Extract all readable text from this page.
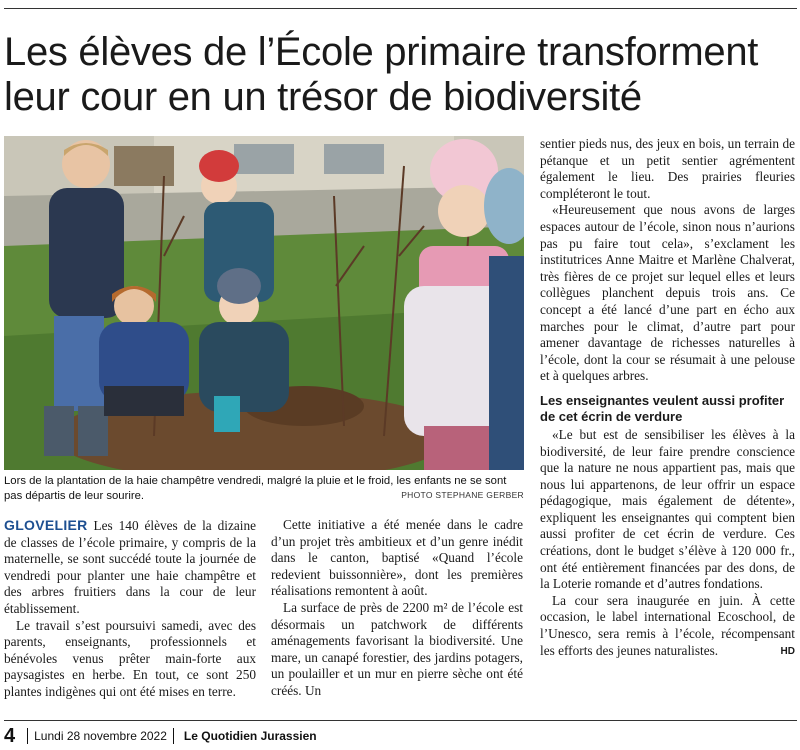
Les élèves de l’École primaire transforment leur cour en un trésor de biodiversité
Lors de la plantation de la haie champêtre vendredi, malgré la pluie et le froid, les enfants ne se sont pas départis de leur sourire.	PHOTO STEPHANE GERBER

GLOVELIER Les 140 élèves de la dizaine de classes de l’école primaire, y compris de la maternelle, se sont succédé toute la journée de vendredi pour planter une haie champêtre et des arbres fruitiers dans la cour de leur établissement.

Le travail s’est poursuivi samedi, avec des parents, enseignants, professionnels et bénévoles venus prêter main-forte aux paysagistes en herbe. En tout, ce sont 250 plantes indigènes qui ont été mises en terre.

Cette initiative a été menée dans le cadre d’un projet très ambitieux et d’un genre inédit dans le canton, baptisé «Quand l’école redevient buissonnière», dont les premières réalisations remontent à août.

La surface de près de 2200 m² de l’école est désormais un patchwork de différents aménagements favorisant la biodiversité. Une mare, un canapé forestier, des jardins potagers, un poulailler et un mur en pierre sèche ont été créés. Un

sentier pieds nus, des jeux en bois, un terrain de pétanque et un petit sentier agrémentent également le lieu. Des prairies fleuries compléteront le tout.

«Heureusement que nous avons de larges espaces autour de l’école, sinon nous n’aurions pas pu faire tout cela», s’exclament les institutrices Anne Maitre et Marlène Chalverat, très fières de ce projet sur lequel elles et leurs collègues planchent depuis trois ans. Ce concept a été lancé d’une part en écho aux marches pour le climat, d’autre part pour amener davantage de richesses naturelles à l’école, dont la cour se résumait à une pelouse et à quelques arbres.

Les enseignantes veulent aussi profiter de cet écrin de verdure

«Le but est de sensibiliser les élèves à la biodiversité, de leur faire prendre conscience que la nature ne nous appartient pas, mais que nous lui appartenons, de leur offrir un espace pédagogique, mais également de détente», expliquent les enseignantes qui comptent bien aussi profiter de cet écrin de verdure. Ces créations, dont le budget s’élève à 120 000 fr., ont été entièrement financées par des dons, de la Loterie romande et d’autres fondations.

La cour sera inaugurée en juin. À cette occasion, le label international Ecoschool, de l’Unesco, sera remis à l’école, récompensant les efforts des jeunes naturalistes.	HD

4 Lundi 28 novembre 2022 Le Quotidien Jurassien
